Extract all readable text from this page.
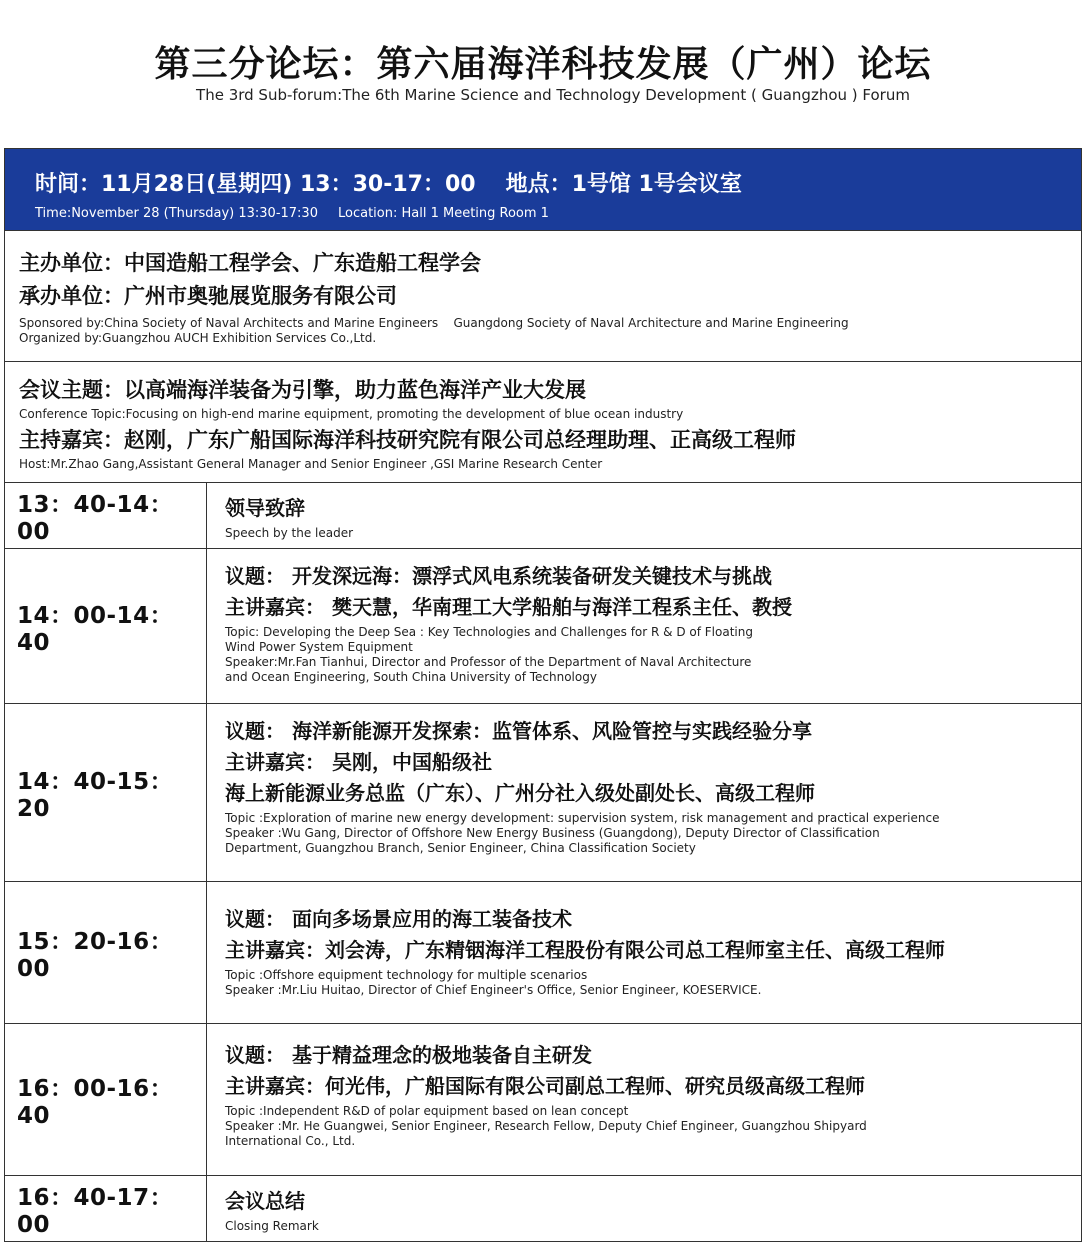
第三分论坛：第六届海洋科技发展（广州）论坛
The 3rd Sub-forum:The 6th Marine Science and Technology Development ( Guangzhou ) Forum
时间：11月28日(星期四) 13：30-17：00 地点：1号馆 1号会议室
Time:November 28 (Thursday) 13:30-17:30 Location: Hall 1 Meeting Room 1
主办单位：中国造船工程学会、广东造船工程学会
承办单位：广州市奥驰展览服务有限公司
Sponsored by:China Society of Naval Architects and Marine Engineers    Guangdong Society of Naval Architecture and Marine Engineering
Organized by:Guangzhou AUCH Exhibition Services Co.,Ltd.
会议主题：以高端海洋装备为引擎，助力蓝色海洋产业大发展
Conference Topic:Focusing on high-end marine equipment, promoting the development of blue ocean industry
主持嘉宾：赵刚，广东广船国际海洋科技研究院有限公司总经理助理、正高级工程师
Host:Mr.Zhao Gang,Assistant General Manager and Senior Engineer ,GSI Marine Research Center
13：40-14：00
领导致辞
Speech by the leader
14：00-14：40
议题： 开发深远海：漂浮式风电系统装备研发关键技术与挑战
主讲嘉宾： 樊天慧，华南理工大学船舶与海洋工程系主任、教授
Topic: Developing the Deep Sea : Key Technologies and Challenges for R & D of Floating
Wind Power System Equipment
Speaker:Mr.Fan Tianhui, Director and Professor of the Department of Naval Architecture
and Ocean Engineering, South China University of Technology
14：40-15：20
议题： 海洋新能源开发探索：监管体系、风险管控与实践经验分享
主讲嘉宾： 吴刚，中国船级社
海上新能源业务总监（广东）、广州分社入级处副处长、高级工程师
Topic :Exploration of marine new energy development: supervision system, risk management and practical experience
Speaker :Wu Gang, Director of Offshore New Energy Business (Guangdong), Deputy Director of Classification
Department, Guangzhou Branch, Senior Engineer, China Classification Society
15：20-16：00
议题： 面向多场景应用的海工装备技术
主讲嘉宾：刘会涛，广东精铟海洋工程股份有限公司总工程师室主任、高级工程师
Topic :Offshore equipment technology for multiple scenarios
Speaker :Mr.Liu Huitao, Director of Chief Engineer's Office, Senior Engineer, KOESERVICE.
16：00-16：40
议题： 基于精益理念的极地装备自主研发
主讲嘉宾：何光伟，广船国际有限公司副总工程师、研究员级高级工程师
Topic :Independent R&D of polar equipment based on lean concept
Speaker :Mr. He Guangwei, Senior Engineer, Research Fellow, Deputy Chief Engineer, Guangzhou Shipyard
International Co., Ltd.
16：40-17：00
会议总结
Closing Remark
